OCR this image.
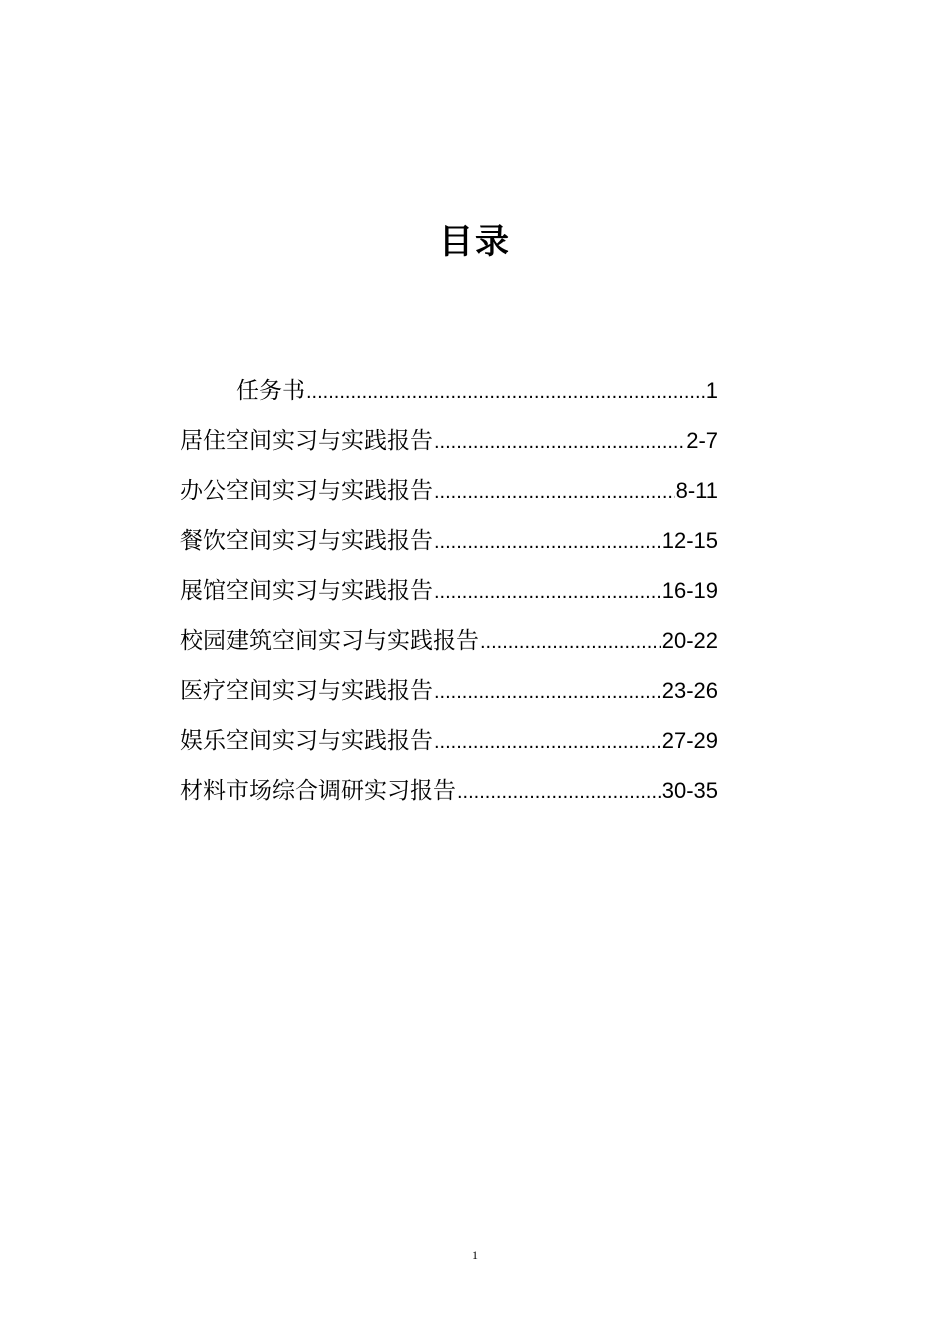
目录
任务书 .....	1
居住空间实习与实践报告 .....	2-7
办公空间实习与实践报告 .....	8-11
餐饮空间实习与实践报告 .....	12-15
展馆空间实习与实践报告 .....	16-19
校园建筑空间实习与实践报告 .....	20-22
医疗空间实习与实践报告 .....	23-26
娱乐空间实习与实践报告 .....	27-29
材料市场综合调研实习报告 .....	30-35
1
